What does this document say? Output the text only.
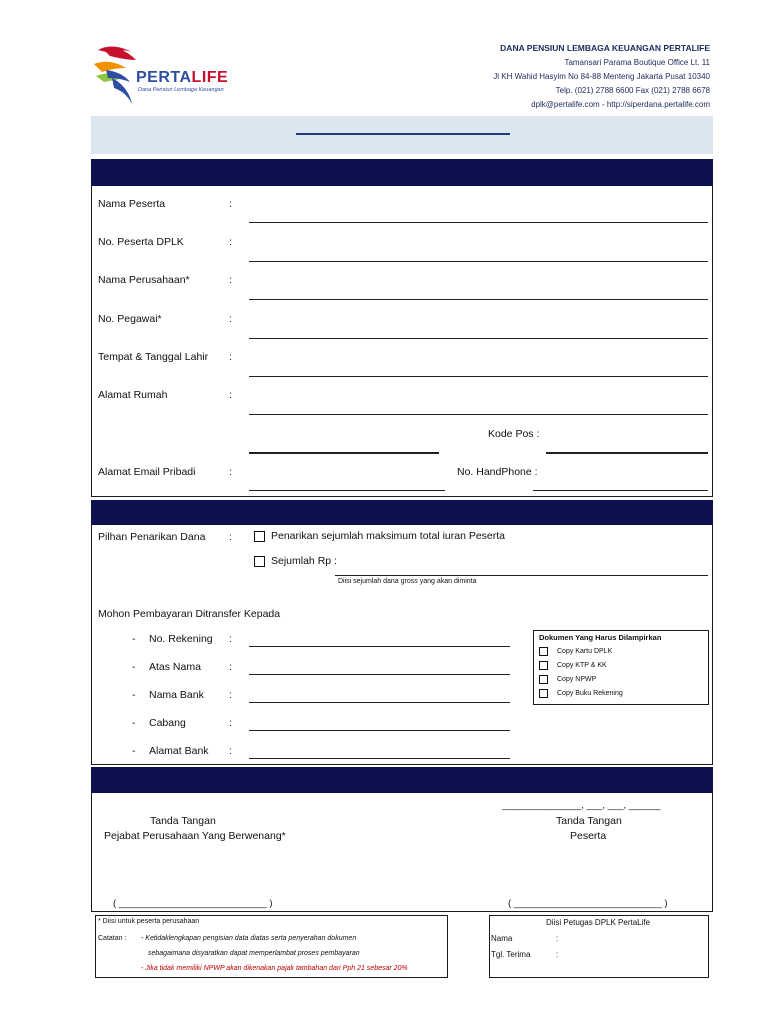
PERTALIFE
Dana Pensiun Lembaga Keuangan
DANA PENSIUN LEMBAGA KEUANGAN PERTALIFE
Tamansari Parama Boutique Office Lt. 11
Jl KH Wahid Hasyim No 84-88 Menteng Jakarta Pusat 10340
Telp. (021) 2788 6600 Fax (021) 2788 6678
dplk@pertalife.com - http://siperdana.pertalife.com
Nama Peserta	:
No. Peserta DPLK	:
Nama Perusahaan*	:
No. Pegawai*	:
Tempat & Tanggal Lahir :
Alamat Rumah	:
Kode Pos :
Alamat Email Pribadi	:	No. HandPhone :
Pilhan Penarikan Dana :	Penarikan sejumlah maksimum total iuran Peserta
Sejumlah Rp :
Diisi sejumlah dana gross yang akan diminta
Mohon Pembayaran Ditransfer Kepada
- No. Rekening :
- Atas Nama	:
- Nama Bank :
- Cabang	:
- Alamat Bank :
Dokumen Yang Harus Dilampirkan
Copy Kartu DPLK
Copy KTP & KK
Copy NPWP
Copy Buku Rekening
Tanda Tangan
Pejabat Perusahaan Yang Berwenang*
_______________, ___, ___, ______
Tanda Tangan
Peserta
( ____________________________ )	( ____________________________ )
* Diisi untuk peserta perusahaan
Catatan : - Ketidaklengkapan pengisian data diatas serta penyerahan dokumen
sebagaimana disyaratkan dapat memperlambat proses pembayaran
- Jika tidak memiliki NPWP akan dikenakan pajak tambahan dari Pph 21 sebesar 20%
Diisi Petugas DPLK PertaLife
Nama	:
Tgl. Terima	:
